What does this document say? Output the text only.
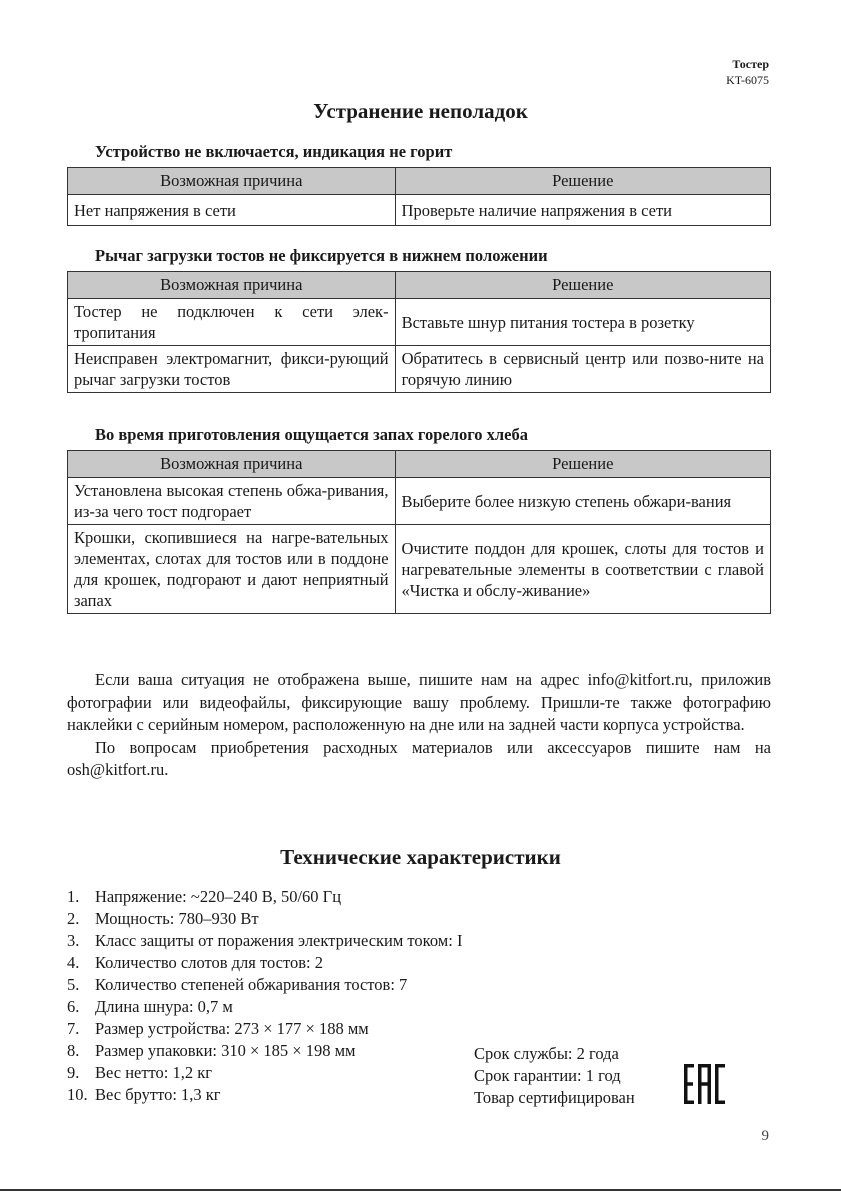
Тостер
KT-6075
Устранение неполадок
Устройство не включается, индикация не горит
Возможная причина	Решение
Нет напряжения в сети	Проверьте наличие напряжения в сети
Рычаг загрузки тостов не фиксируется в нижнем положении
Возможная причина	Решение
Тостер не подключен к сети элек-тропитания	Вставьте шнур питания тостера в розетку
Неисправен электромагнит, фикси-рующий рычаг загрузки тостов	Обратитесь в сервисный центр или позво-ните на горячую линию
Во время приготовления ощущается запах горелого хлеба
Возможная причина	Решение
Установлена высокая степень обжа-ривания, из-за чего тост подгорает	Выберите более низкую степень обжари-вания
Крошки, скопившиеся на нагре-вательных элементах, слотах для тостов или в поддоне для крошек, подгорают и дают неприятный запах	Очистите поддон для крошек, слоты для тостов и нагревательные элементы в соответствии с главой «Чистка и обслу-живание»

Если ваша ситуация не отображена выше, пишите нам на адрес info@kitfort.ru, приложив фотографии или видеофайлы, фиксирующие вашу проблему. Пришли-те также фотографию наклейки с серийным номером, расположенную на дне или на задней части корпуса устройства.

По вопросам приобретения расходных материалов или аксессуаров пишите нам на osh@kitfort.ru.

Технические характеристики
1. Напряжение: ~220–240 В, 50/60 Гц
2. Мощность: 780–930 Вт
3. Класс защиты от поражения электрическим током: I
4. Количество слотов для тостов: 2
5. Количество степеней обжаривания тостов: 7
6. Длина шнура: 0,7 м
7. Размер устройства: 273 × 177 × 188 мм
8. Размер упаковки: 310 × 185 × 198 мм
9. Вес нетто: 1,2 кг
10. Вес брутто: 1,3 кг
Срок службы: 2 года
Срок гарантии: 1 год
Товар сертифицирован
9
